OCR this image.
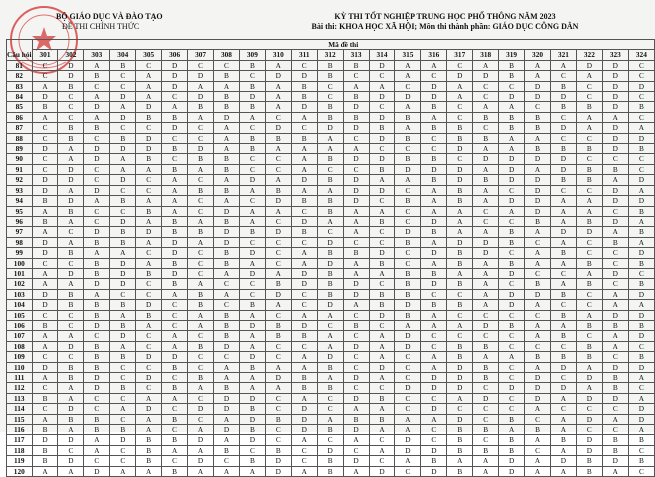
BỘ GIÁO DỤC VÀ ĐÀO TẠO
ĐỀ THI CHÍNH THỨC
KỲ THI TỐT NGHIỆP TRUNG HỌC PHỔ THÔNG NĂM 2023
Bài thi: KHOA HỌC XÃ HỘI; Môn thi thành phần: GIÁO DỤC CÔNG DÂN
Câu hỏi	Mã đề thi																							
	301	302	303	304	305	306	307	308	309	310	311	312	313	314	315	316	317	318	319	320	321	322	323	324
81	C	D	A	B	C	D	C	C	B	A	C	B	B	D	A	A	C	A	B	A	A	D	D	C
82	C	D	B	C	A	D	D	B	C	D	D	B	C	C	A	C	D	D	B	A	C	A	D	C
83	A	B	C	C	A	D	A	A	B	A	B	C	A	A	C	D	A	C	C	D	B	C	D	D
84	D	C	A	D	A	C	D	B	D	A	B	C	B	D	D	D	A	C	D	D	D	C	D	C
85	B	C	D	A	D	A	B	B	B	A	D	B	D	C	A	B	C	A	A	C	B	B	D	B
86	A	C	A	D	B	B	A	D	A	C	A	B	B	D	B	A	C	B	B	B	C	A	A	C
87	C	B	B	C	C	D	C	A	C	D	C	D	D	B	A	B	B	C	B	B	D	A	D	A
88	C	B	C	B	D	C	C	A	B	B	B	A	C	D	B	C	B	B	A	A	C	C	D	D
89	D	A	D	D	D	B	D	A	B	A	A	A	A	C	C	C	D	A	A	B	B	B	D	B
90	C	A	D	A	B	C	B	B	C	C	A	B	D	D	B	B	C	D	D	D	D	C	C	C
91	C	D	C	A	A	B	A	B	C	C	A	C	C	B	D	D	D	A	D	A	D	B	B	C
92	D	D	C	D	C	A	C	A	D	A	D	B	D	A	A	B	D	B	D	D	B	B	A	D
93	D	A	D	C	C	A	B	B	A	B	A	A	D	D	C	A	B	A	C	D	C	C	D	A
94	B	D	A	B	A	A	C	A	C	D	B	B	D	C	B	A	B	A	D	D	A	A	D	D
95	A	B	C	C	B	A	C	D	A	A	C	B	A	A	C	A	A	C	A	D	A	A	C	B
96	B	A	C	D	A	B	A	B	A	C	D	A	A	B	C	D	A	C	C	B	A	B	D	A
97	A	C	D	B	D	B	B	D	B	D	B	C	A	C	D	B	A	A	B	A	D	D	A	B
98	D	A	B	B	A	D	A	D	C	C	C	D	C	C	B	A	D	D	B	C	A	C	B	A
99	D	B	A	A	C	D	C	B	D	C	A	B	B	D	C	D	B	D	C	A	B	C	C	D
100	C	C	B	D	A	B	C	B	A	C	A	D	A	B	C	A	B	A	B	A	A	B	C	B
101	A	D	B	D	B	D	C	A	D	A	D	B	A	A	B	B	A	A	D	C	C	A	D	C
102	A	A	D	D	C	B	A	C	C	B	D	B	D	C	B	D	B	A	C	B	A	B	C	B
103	D	B	A	C	C	A	B	A	C	D	C	B	D	B	B	C	C	A	D	D	B	C	A	D
104	D	B	B	B	D	C	B	C	B	A	C	D	A	B	D	B	B	A	D	A	C	C	A	A
105	C	C	B	A	B	C	A	B	A	C	A	A	C	D	B	A	C	C	C	C	B	A	D	D
106	B	C	D	B	A	C	A	B	D	B	D	C	B	C	A	A	A	D	B	A	A	B	B	B
107	A	A	C	D	C	A	C	B	A	B	B	A	C	A	D	C	C	C	C	A	B	C	A	D
108	A	D	B	A	C	A	B	D	A	C	C	A	D	A	D	C	B	B	C	C	C	B	A	C
109	C	C	B	B	D	D	C	C	D	C	A	D	C	A	C	A	B	A	A	B	B	B	C	B
110	D	B	B	C	C	B	C	A	B	A	A	B	C	D	C	A	D	B	C	A	D	A	D	D
111	A	B	D	C	D	C	B	A	A	D	B	A	D	A	C	D	D	B	C	D	C	D	B	A
112	C	A	D	B	C	B	A	B	A	A	B	B	C	C	D	D	D	C	D	D	D	A	B	C
113	B	A	C	C	A	A	C	D	D	C	A	C	D	B	C	C	A	D	C	D	A	D	D	A
114	C	D	C	A	D	C	D	D	B	C	D	C	A	A	C	D	C	C	C	A	C	C	C	D
115	A	B	B	C	A	B	C	A	D	B	D	A	B	B	A	A	D	C	B	C	A	D	A	D
116	B	A	B	B	A	C	A	D	B	C	D	B	D	A	A	C	B	B	A	B	A	C	C	A
117	D	D	A	D	B	B	D	A	D	C	A	C	A	C	D	C	B	C	B	A	B	D	B	B
118	B	C	A	C	B	A	A	B	C	B	C	D	C	A	D	D	B	B	B	C	A	D	B	C
119	B	D	C	C	B	C	D	C	B	D	C	B	D	C	A	B	A	A	D	A	D	B	D	B
120	A	A	D	A	A	B	A	A	A	D	A	B	A	D	C	D	B	A	D	A	A	B	A	C
